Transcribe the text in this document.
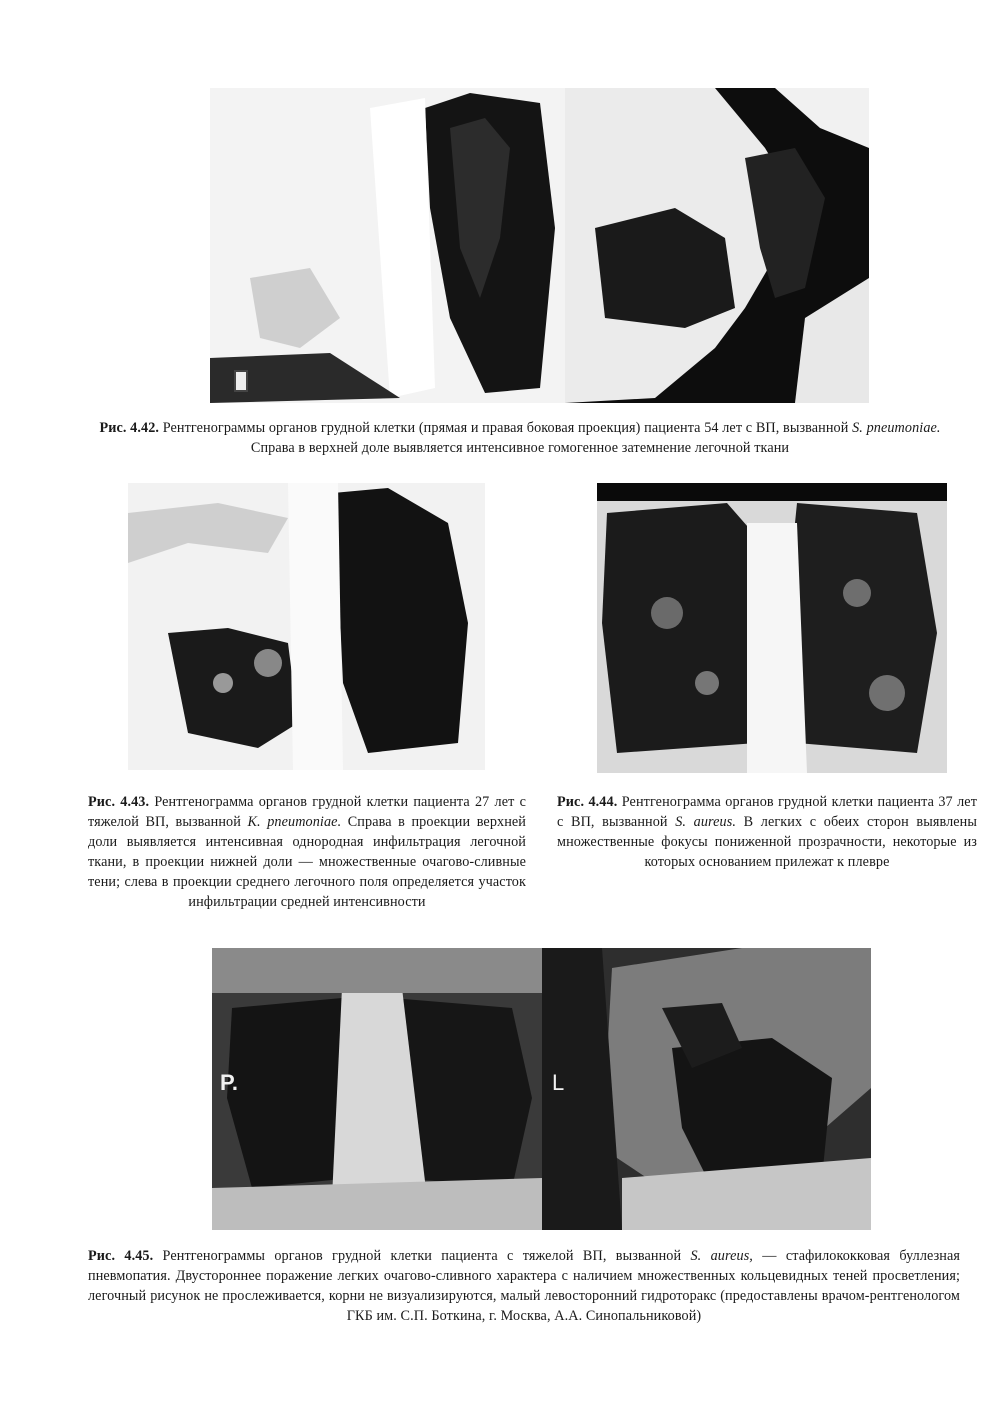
Рис. 4.42. Рентгенограммы органов грудной клетки (прямая и правая боковая проекция) пациента 54 лет с ВП, вызванной S. pneumoniae. Справа в верхней доле выявляется интенсивное гомогенное затемнение легочной ткани

Рис. 4.43. Рентгенограмма органов грудной клетки пациента 27 лет с тяжелой ВП, вызванной K. pneumoniae. Справа в проекции верхней доли выявляется интенсивная однородная инфильтрация легочной ткани, в проекции нижней доли — множественные очагово-сливные тени; слева в проекции среднего легочного поля определяется участок инфильтрации средней интенсивности

Рис. 4.44. Рентгенограмма органов грудной клетки пациента 37 лет с ВП, вызванной S. aureus. В легких с обеих сторон выявлены множественные фокусы пониженной прозрачности, некоторые из которых основанием прилежат к плевре

P.	L

Рис. 4.45. Рентгенограммы органов грудной клетки пациента с тяжелой ВП, вызванной S. aureus, — стафилококковая буллезная пневмопатия. Двустороннее поражение легких очагово-сливного характера с наличием множественных кольцевидных теней просветления; легочный рисунок не прослеживается, корни не визуализируются, малый левосторонний гидроторакс (предоставлены врачом-рентгенологом ГКБ им. С.П. Боткина, г. Москва, А.А. Синопальниковой)
